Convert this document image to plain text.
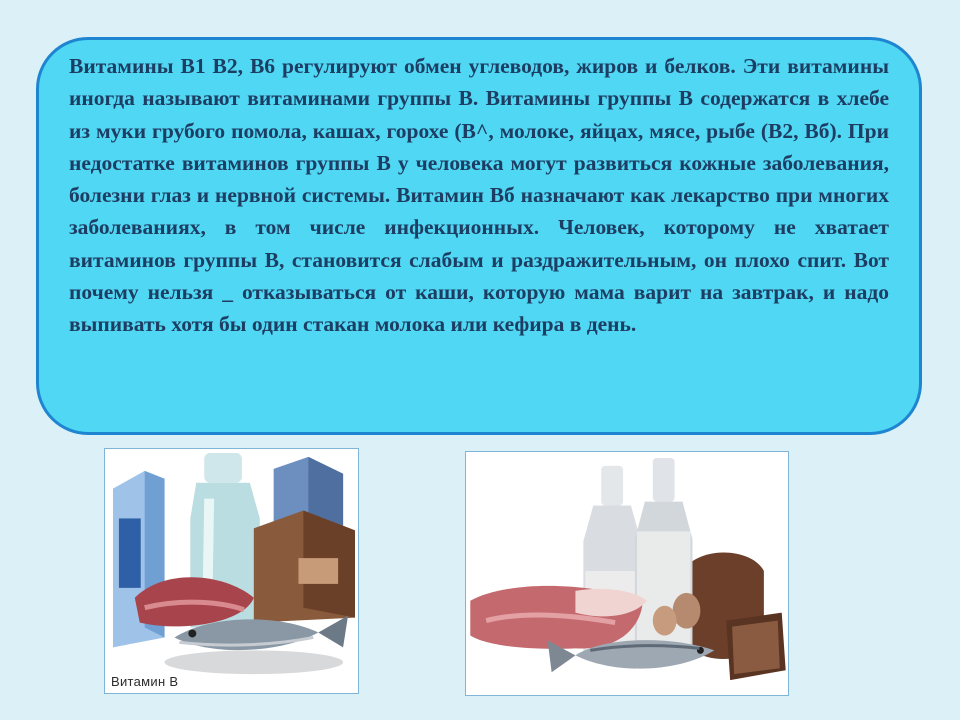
Витамины В1 В2, В6 регулируют обмен углеводов, жиров и белков. Эти витамины иногда называют витаминами группы В. Витамины группы В содержатся в хлебе из муки грубого помола, кашах, горохе (В^, молоке, яйцах, мясе, рыбе (В2, Вб). При недостатке витаминов группы В у человека могут развиться кожные заболевания, болезни глаз и нервной системы. Витамин Вб назначают как лекарство при многих заболеваниях, в том числе инфекционных. Человек, которому не хватает витаминов группы В, становится слабым и раздражительным, он плохо спит. Вот почему нельзя _ отказываться от каши, которую мама варит на завтрак, и надо выпивать хотя бы один стакан молока или кефира в день.

Витамин В
